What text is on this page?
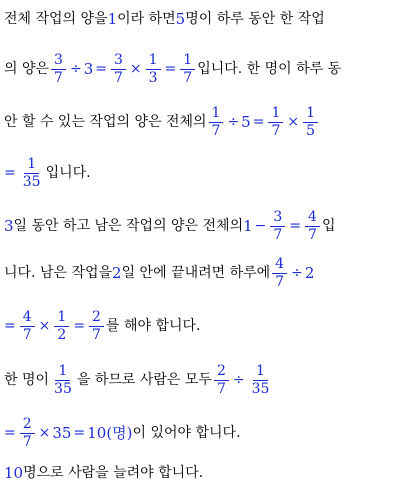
전체 작업의 양을 1 이라 하면 5 명이 하루 동안 한 작업
의 양은 $\frac{3}{7} \div 3 = \frac{3}{7} \times \frac{1}{3} = \frac{1}{7}$ 입니다. 한 명이 하루 동
안 할 수 있는 작업의 양은 전체의 $\frac{1}{7} \div 5 = \frac{1}{7} \times \frac{1}{5}$
= $\frac{1}{35}$ 입니다.
3 일 동안 하고 남은 작업의 양은 전체의 $1 - \frac{3}{7} = \frac{4}{7}$ 입
니다. 남은 작업을 2 일 안에 끝내려면 하루에 $\frac{4}{7} \div 2$
= $\frac{4}{7} \times \frac{1}{2} = \frac{2}{7}$ 를 해야 합니다.
한 명이 $\frac{1}{35}$ 을 하므로 사람은 모두 $\frac{2}{7} \div \frac{1}{35}$
= $\frac{2}{7} \times 35 = 10$ (명) 이 있어야 합니다.
10 명으로 사람을 늘려야 합니다.
